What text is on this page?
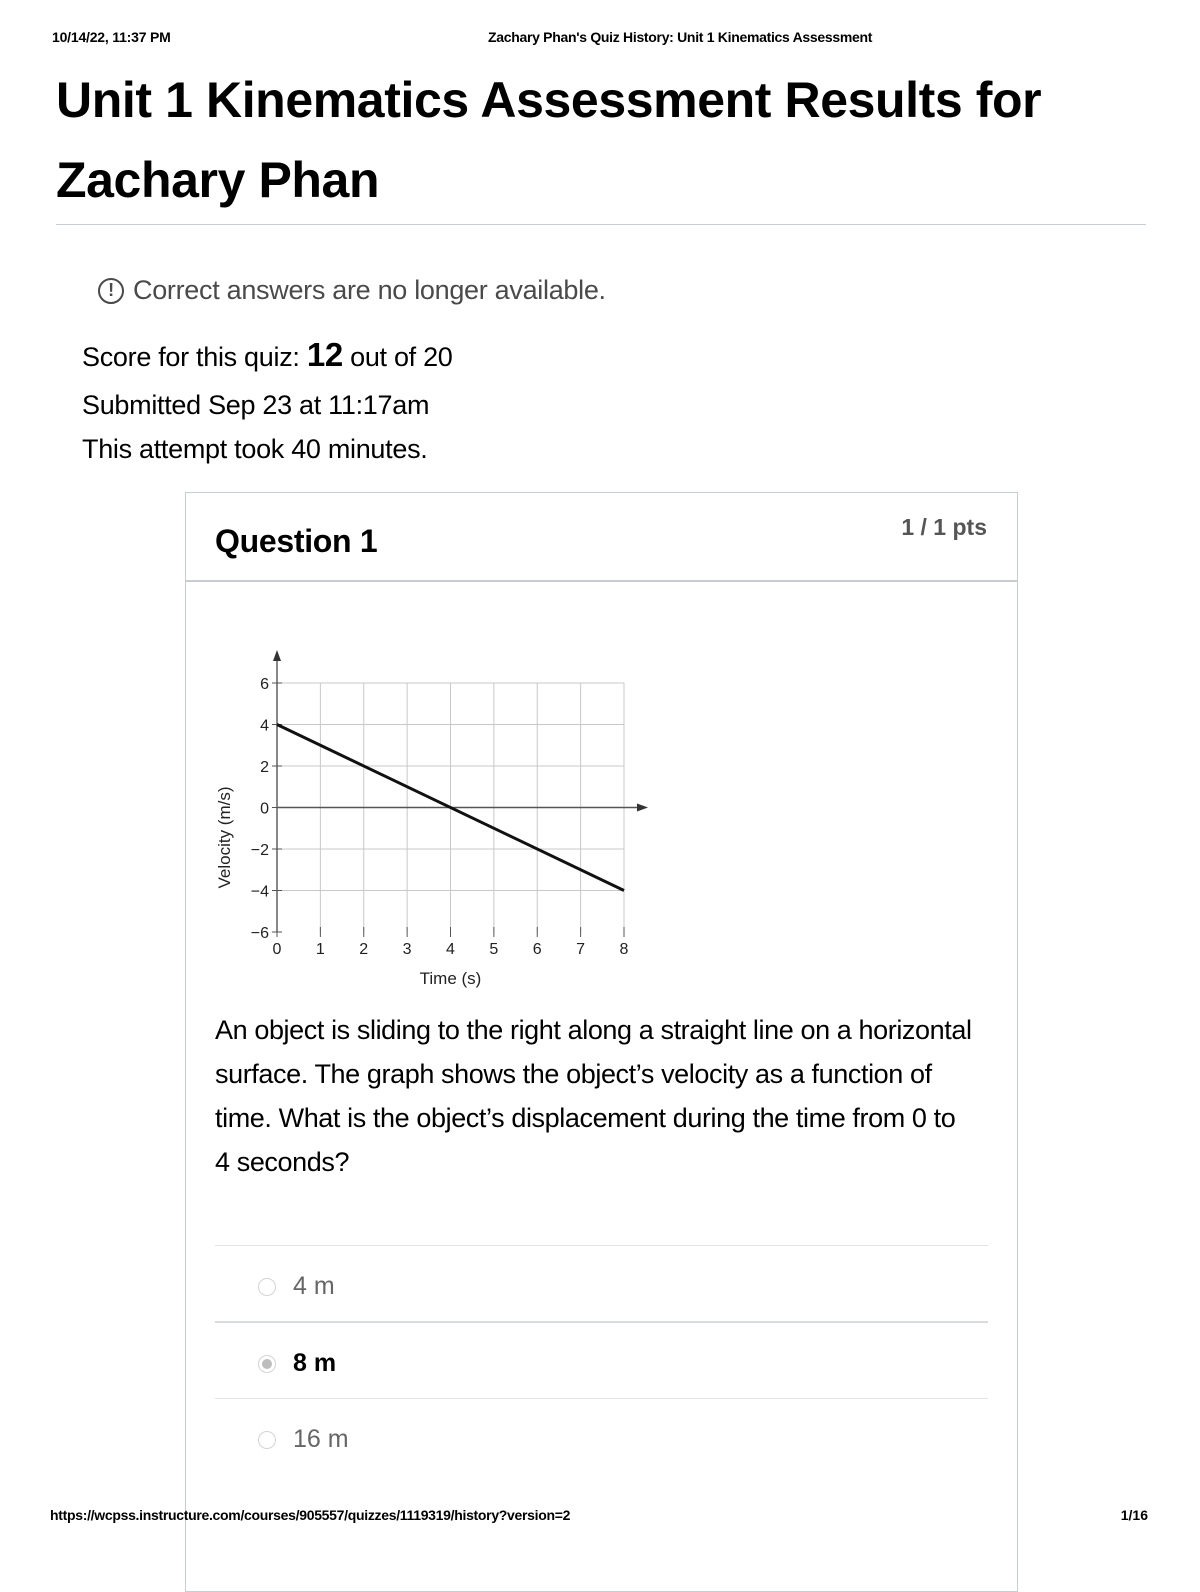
10/14/22, 11:37 PM	Zachary Phan's Quiz History: Unit 1 Kinematics Assessment
Unit 1 Kinematics Assessment Results for Zachary Phan
! Correct answers are no longer available.
Score for this quiz: 12 out of 20
Submitted Sep 23 at 11:17am
This attempt took 40 minutes.
Question 1	1 / 1 pts
0 1 2 3 4 5 6 7 8
6
4
2
0
−2
−4
−6
Time (s)
Velocity (m/s)
An object is sliding to the right along a straight line on a horizontal surface. The graph shows the object’s velocity as a function of time. What is the object’s displacement during the time from 0 to 4 seconds?
4 m
8 m
16 m
https://wcpss.instructure.com/courses/905557/quizzes/1119319/history?version=2	1/16
